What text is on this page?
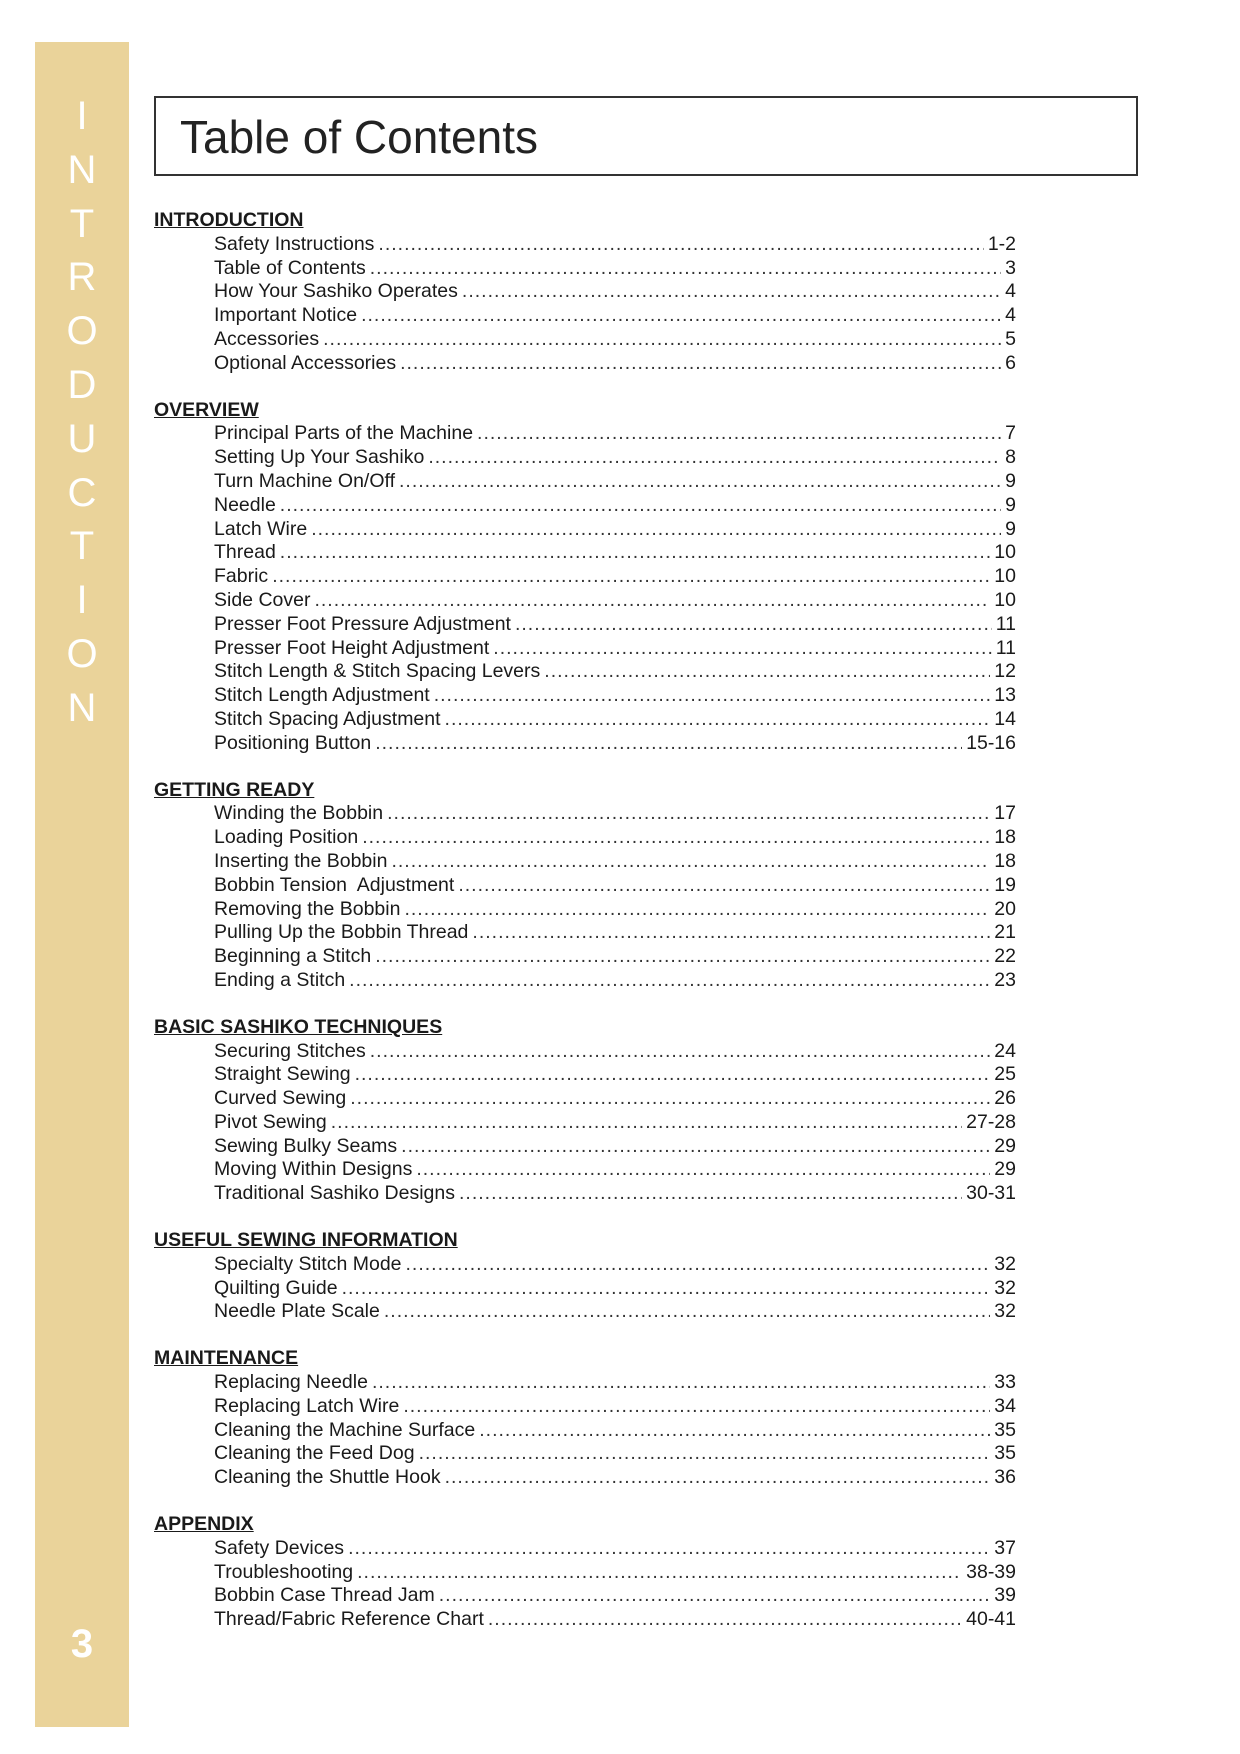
I
N
T
R
O
D
U
C
T
I
O
N
3
Table of Contents
INTRODUCTION
Safety Instructions .....	1-2
Table of Contents .....	3
How Your Sashiko Operates .....	4
Important Notice .....	4
Accessories .....	5
Optional Accessories .....	6
OVERVIEW
Principal Parts of the Machine .....	7
Setting Up Your Sashiko .....	8
Turn Machine On/Off .....	9
Needle .....	9
Latch Wire .....	9
Thread .....	10
Fabric .....	10
Side Cover .....	10
Presser Foot Pressure Adjustment .....	11
Presser Foot Height Adjustment .....	11
Stitch Length & Stitch Spacing Levers .....	12
Stitch Length Adjustment .....	13
Stitch Spacing Adjustment .....	14
Positioning Button .....	15-16
GETTING READY
Winding the Bobbin .....	17
Loading Position .....	18
Inserting the Bobbin .....	18
Bobbin Tension  Adjustment .....	19
Removing the Bobbin .....	20
Pulling Up the Bobbin Thread .....	21
Beginning a Stitch .....	22
Ending a Stitch .....	23
BASIC SASHIKO TECHNIQUES
Securing Stitches .....	24
Straight Sewing .....	25
Curved Sewing .....	26
Pivot Sewing .....	27-28
Sewing Bulky Seams .....	29
Moving Within Designs .....	29
Traditional Sashiko Designs .....	30-31
USEFUL SEWING INFORMATION
Specialty Stitch Mode .....	32
Quilting Guide .....	32
Needle Plate Scale .....	32
MAINTENANCE
Replacing Needle .....	33
Replacing Latch Wire .....	34
Cleaning the Machine Surface .....	35
Cleaning the Feed Dog .....	35
Cleaning the Shuttle Hook .....	36
APPENDIX
Safety Devices .....	37
Troubleshooting .....	38-39
Bobbin Case Thread Jam .....	39
Thread/Fabric Reference Chart .....	40-41
